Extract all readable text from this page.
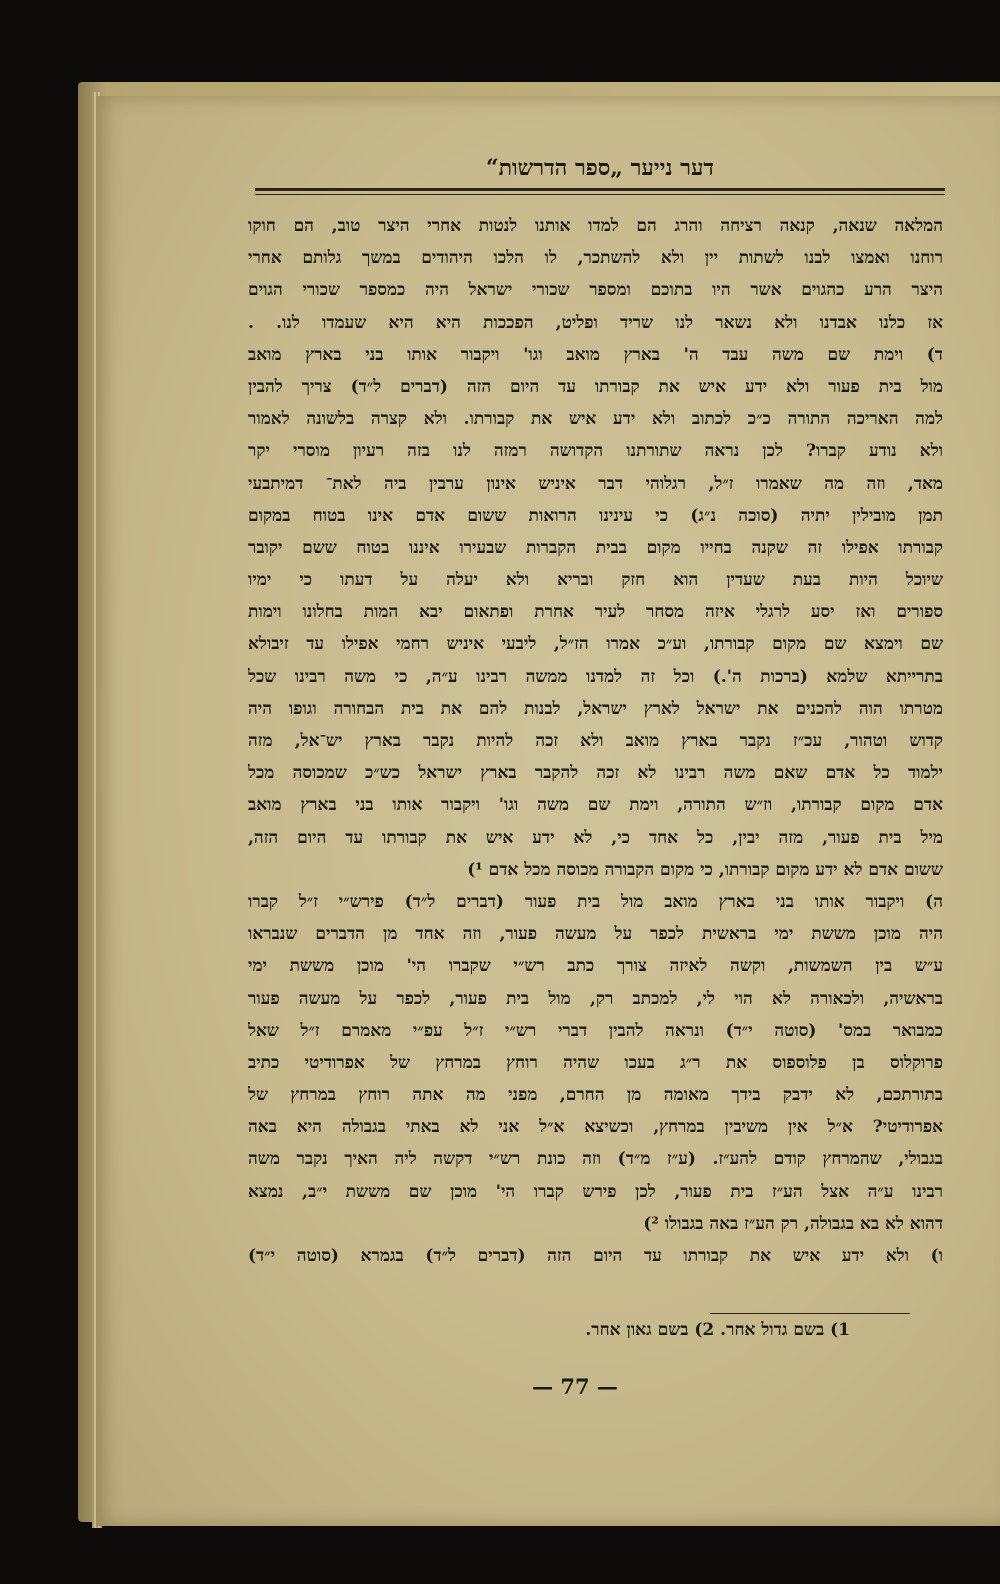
דער נייער „ספר הדרשות“
המלאה שנאה, קנאה רציחה והרג הם למדו אותנו לנטות אחרי היצר טוב, הם חוקו
רוחנו ואמצו לבנו לשתות יין ולא להשתכר, לו הלכו היהודים במשך גלותם אחרי
היצר הרע כהגוים אשר היו בתוכם ומספר שכורי ישראל היה כמספר שכורי הגוים
אז כלנו אבדנו ולא נשאר לנו שריד ופליט, הפככות היא היא שעמדו לנו. .
ד) וימת שם משה עבד ה' בארץ מואב וגו' ויקבור אותו בני בארץ מואב
מול בית פעור ולא ידע איש את קבורתו עד היום הזה (דברים ל״ד) צריך להבין
למה האריכה התורה כ״כ לכתוב ולא ידע איש את קבורתו. ולא קצרה בלשונה לאמור
ולא נודע קברו? לכן נראה שתורתנו הקדושה רמזה לנו בזה רעיון מוסרי יקר
מאד, וזה מה שאמרו ז״ל, רגלוהי דבר איניש אינון ערבין ביה לאת־ דמיתבעי
תמן מובילין יתיה (סוכה נ״ג) כי עינינו הרואות ששום אדם אינו בטוח במקום
קבורתו אפילו זה שקנה בחייו מקום בבית הקברות שבעירו איננו בטוח ששם יקובר
שיוכל היות בעת שעדין הוא חזק ובריא ולא יעלה על דעתו כי ימיו
ספורים ואז יסע לרגלי איזה מסחר לעיר אחרת ופתאום יבא המות בחלונו וימות
שם וימצא שם מקום קבורתו, וע״כ אמרו הז״ל, ליבעי איניש רחמי אפילו עד זיבולא
בתרייתא שלמא (ברכות ה'.) וכל זה למדנו ממשה רבינו ע״ה, כי משה רבינו שכל
מטרתו הוה להכנים את ישראל לארץ ישראל, לבנות להם את בית הבחורה וגופו היה
קדוש וטהור, עכ״ז נקבר בארץ מואב ולא זכה להיות נקבר בארץ יש־אל, מזה
ילמוד כל אדם שאם משה רבינו לא זכה להקבר בארץ ישראל כש״כ שמכוסה מכל
אדם מקום קבורתו, וז״ש התורה, וימת שם משה וגו' ויקבור אותו בני בארץ מואב
מיל בית פעור, מזה יבין, כל אחד כי, לא ידע איש את קבורתו עד היום הזה,
ששום אדם לא ידע מקום קבורתו, כי מקום הקבורה מכוסה מכל אדם ¹)
ה) ויקבור אותו בני בארץ מואב מול בית פעור (דברים ל״ד) פירש״י ז״ל קברו
היה מוכן מששת ימי בראשית לכפר על מעשה פעור, וזה אחד מן הדברים שנבראו
ע״ש בין השמשות, וקשה לאיזה צורך כתב רש״י שקברו הי' מוכן מששת ימי
בראשיה, ולכאורה לא הוי לי, למכתב רק, מול בית פעור, לכפר על מעשה פעור
כמבואר במס' (סוטה י״ד) ונראה להבין דברי רש״י ז״ל עפ״י מאמרם ז״ל שאל
פרוקלוס בן פלוספוס את ר״ג בעכו שהיה רוחץ במרחץ של אפרודיטי כתיב
בתורתכם, לא ידבק בידך מאומה מן החרם, מפני מה אתה רוחץ במרחץ של
אפרודיטי? א״ל אין משיבין במרחץ, וכשיצא א״ל אני לא באתי בגבולה היא באה
בגבולי, שהמרחץ קודם להע״ז. (ע״ז מ״ד) וזה כונת רש״י דקשה ליה האיך נקבר משה
רבינו ע״ה אצל הע״ז בית פעור, לכן פירש קברו הי' מוכן שם מששת י״ב, נמצא
דהוא לא בא בגבולה, רק הע״ז באה בגבולו ²)
ו) ולא ידע איש את קבורתו עד היום הזה (דברים ל״ד) בגמרא (סוטה י״ד)
1) בשם גדול אחר. 2) בשם גאון אחר.
— 77 —
